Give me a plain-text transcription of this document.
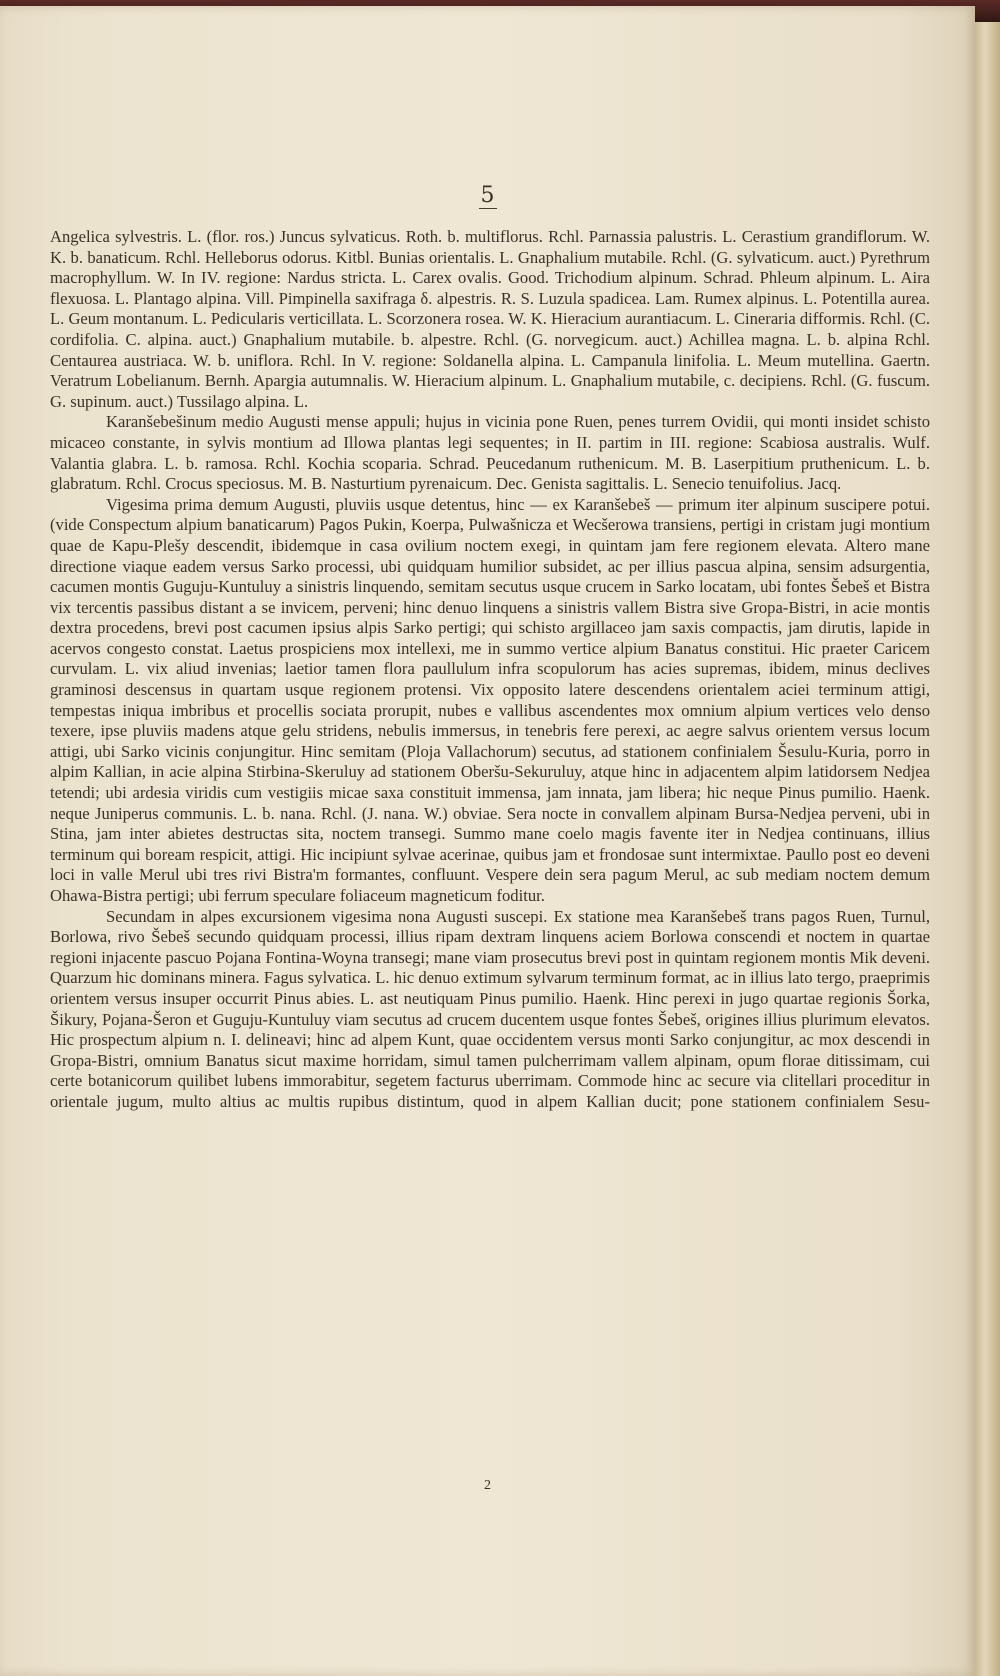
5

Angelica sylvestris. L. (flor. ros.) Juncus sylvaticus. Roth. b. multiflorus. Rchl. Parnassia palustris. L. Cerastium grandiflorum. W. K. b. banaticum. Rchl. Helleborus odorus. Kitbl. Bunias orientalis. L. Gnaphalium mutabile. Rchl. (G. sylvaticum. auct.) Pyrethrum macrophyllum. W. In IV. regione: Nardus stricta. L. Carex ovalis. Good. Trichodium alpinum. Schrad. Phleum alpinum. L. Aira flexuosa. L. Plantago alpina. Vill. Pimpinella saxifraga δ. alpestris. R. S. Luzula spadicea. Lam. Rumex alpinus. L. Potentilla aurea. L. Geum montanum. L. Pedicularis verticillata. L. Scorzonera rosea. W. K. Hieracium aurantiacum. L. Cineraria difformis. Rchl. (C. cordifolia. C. alpina. auct.) Gnaphalium mutabile. b. alpestre. Rchl. (G. norvegicum. auct.) Achillea magna. L. b. alpina Rchl. Centaurea austriaca. W. b. uniflora. Rchl. In V. regione: Soldanella alpina. L. Campanula linifolia. L. Meum mutellina. Gaertn. Veratrum Lobelianum. Bernh. Apargia autumnalis. W. Hieracium alpinum. L. Gnaphalium mutabile, c. decipiens. Rchl. (G. fuscum. G. supinum. auct.) Tussilago alpina. L.

Karanšebešinum medio Augusti mense appuli; hujus in vicinia pone Ruen, penes turrem Ovidii, qui monti insidet schisto micaceo constante, in sylvis montium ad Illowa plantas legi sequentes; in II. partim in III. regione: Scabiosa australis. Wulf. Valantia glabra. L. b. ramosa. Rchl. Kochia scoparia. Schrad. Peucedanum ruthenicum. M. B. Laserpitium pruthenicum. L. b. glabratum. Rchl. Crocus speciosus. M. B. Nasturtium pyrenaicum. Dec. Genista sagittalis. L. Senecio tenuifolius. Jacq.

Vigesima prima demum Augusti, pluviis usque detentus, hinc — ex Karanšebeš — primum iter alpinum suscipere potui. (vide Conspectum alpium banaticarum) Pagos Pukin, Koerpa, Pulwašnicza et Wecšerowa transiens, pertigi in cristam jugi montium quae de Kapu-Plešy descendit, ibidemque in casa ovilium noctem exegi, in quintam jam fere regionem elevata. Altero mane directione viaque eadem versus Sarko processi, ubi quidquam humilior subsidet, ac per illius pascua alpina, sensim adsurgentia, cacumen montis Guguju-Kuntuluy a sinistris linquendo, semitam secutus usque crucem in Sarko locatam, ubi fontes Šebeš et Bistra vix tercentis passibus distant a se invicem, perveni; hinc denuo linquens a sinistris vallem Bistra sive Gropa-Bistri, in acie montis dextra procedens, brevi post cacumen ipsius alpis Sarko pertigi; qui schisto argillaceo jam saxis compactis, jam dirutis, lapide in acervos congesto constat. Laetus prospiciens mox intellexi, me in summo vertice alpium Banatus constitui. Hic praeter Caricem curvulam. L. vix aliud invenias; laetior tamen flora paullulum infra scopulorum has acies supremas, ibidem, minus declives graminosi descensus in quartam usque regionem protensi. Vix opposito latere descendens orientalem aciei terminum attigi, tempestas iniqua imbribus et procellis sociata prorupit, nubes e vallibus ascendentes mox omnium alpium vertices velo denso texere, ipse pluviis madens atque gelu stridens, nebulis immersus, in tenebris fere perexi, ac aegre salvus orientem versus locum attigi, ubi Sarko vicinis conjungitur. Hinc semitam (Ploja Vallachorum) secutus, ad stationem confinialem Šesulu-Kuria, porro in alpim Kallian, in acie alpina Stirbina-Skeruluy ad stationem Oberšu-Sekuruluy, atque hinc in adjacentem alpim latidorsem Nedjea tetendi; ubi ardesia viridis cum vestigiis micae saxa constituit immensa, jam innata, jam libera; hic neque Pinus pumilio. Haenk. neque Juniperus communis. L. b. nana. Rchl. (J. nana. W.) obviae. Sera nocte in convallem alpinam Bursa-Nedjea perveni, ubi in Stina, jam inter abietes destructas sita, noctem transegi. Summo mane coelo magis favente iter in Nedjea continuans, illius terminum qui boream respicit, attigi. Hic incipiunt sylvae acerinae, quibus jam et frondosae sunt intermixtae. Paullo post eo deveni loci in valle Merul ubi tres rivi Bistra'm formantes, confluunt. Vespere dein sera pagum Merul, ac sub mediam noctem demum Ohawa-Bistra pertigi; ubi ferrum speculare foliaceum magneticum foditur.

Secundam in alpes excursionem vigesima nona Augusti suscepi. Ex statione mea Karanšebeš trans pagos Ruen, Turnul, Borlowa, rivo Šebeš secundo quidquam processi, illius ripam dextram linquens aciem Borlowa conscendi et noctem in quartae regioni injacente pascuo Pojana Fontina-Woyna transegi; mane viam prosecutus brevi post in quintam regionem montis Mik deveni. Quarzum hic dominans minera. Fagus sylvatica. L. hic denuo extimum sylvarum terminum format, ac in illius lato tergo, praeprimis orientem versus insuper occurrit Pinus abies. L. ast neutiquam Pinus pumilio. Haenk. Hinc perexi in jugo quartae regionis Šorka, Šikury, Pojana-Šeron et Guguju-Kuntuluy viam secutus ad crucem ducentem usque fontes Šebeš, origines illius plurimum elevatos. Hic prospectum alpium n. I. delineavi; hinc ad alpem Kunt, quae occidentem versus monti Sarko conjungitur, ac mox descendi in Gropa-Bistri, omnium Banatus sicut maxime horridam, simul tamen pulcherrimam vallem alpinam, opum florae ditissimam, cui certe botanicorum quilibet lubens immorabitur, segetem facturus uberrimam. Commode hinc ac secure via clitellari proceditur in orientale jugum, multo altius ac multis rupibus distintum, quod in alpem Kallian ducit; pone stationem confinialem Sesu-

2
